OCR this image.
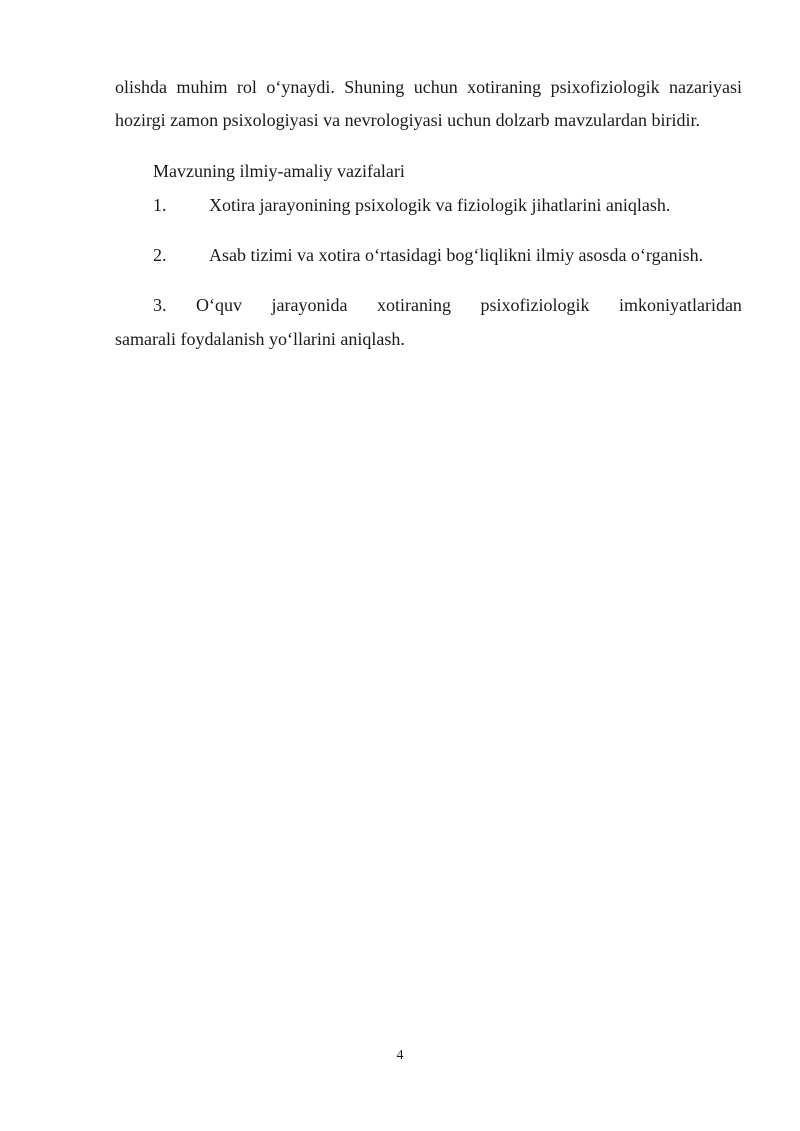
olishda muhim rol o‘ynaydi. Shuning uchun xotiraning psixofiziologik nazariyasi
hozirgi zamon psixologiyasi va nevrologiyasi uchun dolzarb mavzulardan biridir.
Mavzuning ilmiy-amaliy vazifalari
1. Xotira jarayonining psixologik va fiziologik jihatlarini aniqlash.
2. Asab tizimi va xotira o‘rtasidagi bog‘liqlikni ilmiy asosda o‘rganish.
3. O‘quv jarayonida xotiraning psixofiziologik imkoniyatlaridan
samarali foydalanish yo‘llarini aniqlash.
4
